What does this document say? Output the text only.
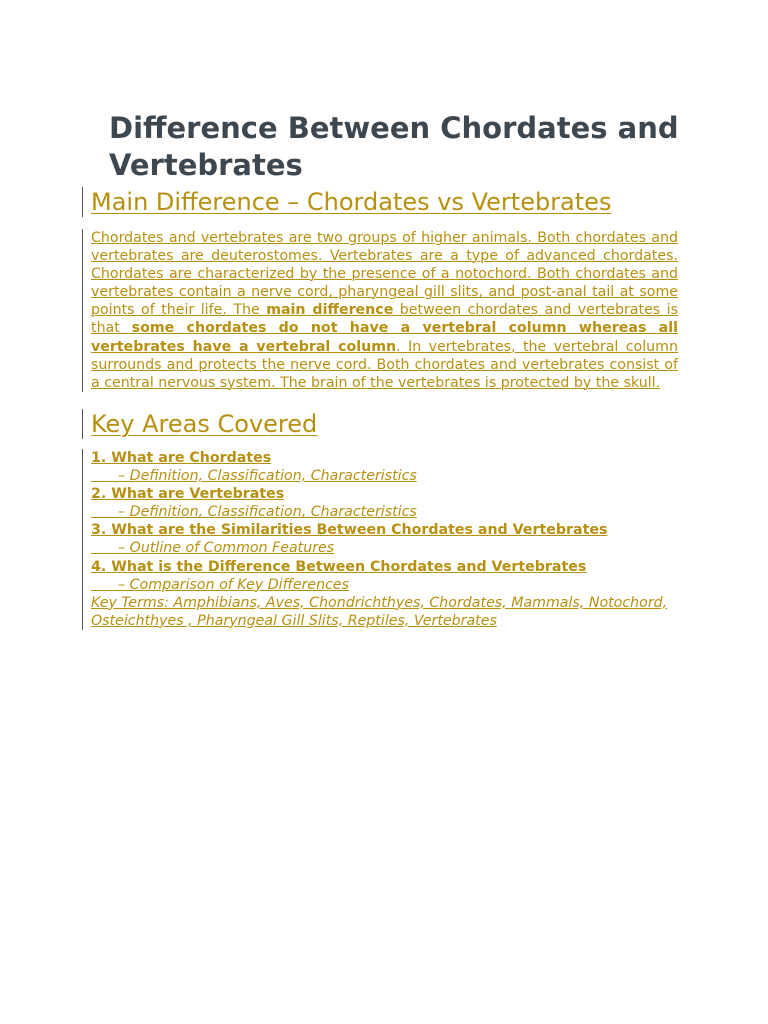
Difference Between Chordates and Vertebrates
Main Difference – Chordates vs Vertebrates

Chordates and vertebrates are two groups of higher animals. Both chordates and vertebrates are deuterostomes. Vertebrates are a type of advanced chordates. Chordates are characterized by the presence of a notochord. Both chordates and vertebrates contain a nerve cord, pharyngeal gill slits, and post-anal tail at some points of their life. The main difference between chordates and vertebrates is that some chordates do not have a vertebral column whereas all vertebrates have a vertebral column. In vertebrates, the vertebral column surrounds and protects the nerve cord. Both chordates and vertebrates consist of a central nervous system. The brain of the vertebrates is protected by the skull.

Key Areas Covered
1. What are Chordates
– Definition, Classification, Characteristics
2. What are Vertebrates
– Definition, Classification, Characteristics
3. What are the Similarities Between Chordates and Vertebrates
– Outline of Common Features
4. What is the Difference Between Chordates and Vertebrates
– Comparison of Key Differences
Key Terms: Amphibians, Aves, Chondrichthyes, Chordates, Mammals, Notochord, Osteichthyes , Pharyngeal Gill Slits, Reptiles, Vertebrates
